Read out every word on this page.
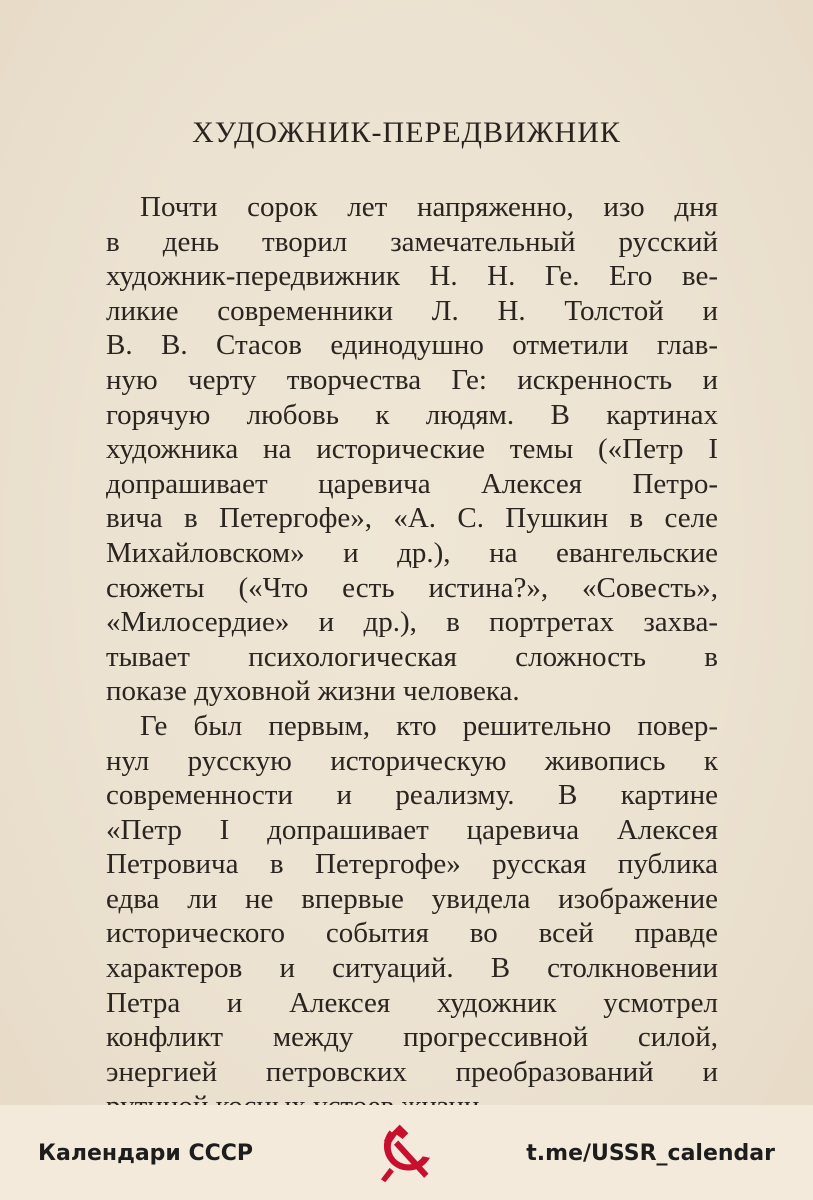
ХУДОЖНИК-ПЕРЕДВИЖНИК
Почти сорок лет напряженно, изо дня
в день творил замечательный русский
художник-передвижник Н. Н. Ге. Его ве-
ликие современники Л. Н. Толстой и
В. В. Стасов единодушно отметили глав-
ную черту творчества Ге: искренность и
горячую любовь к людям. В картинах
художника на исторические темы («Петр I
допрашивает царевича Алексея Петро-
вича в Петергофе», «А. С. Пушкин в селе
Михайловском» и др.), на евангельские
сюжеты («Что есть истина?», «Совесть»,
«Милосердие» и др.), в портретах захва-
тывает психологическая сложность в
показе духовной жизни человека.
Ге был первым, кто решительно повер-
нул русскую историческую живопись к
современности и реализму. В картине
«Петр I допрашивает царевича Алексея
Петровича в Петергофе» русская публика
едва ли не впервые увидела изображение
исторического события во всей правде
характеров и ситуаций. В столкновении
Петра и Алексея художник усмотрел
конфликт между прогрессивной силой,
энергией петровских преобразований и
Календари СССР	t.me/USSR_calendar
